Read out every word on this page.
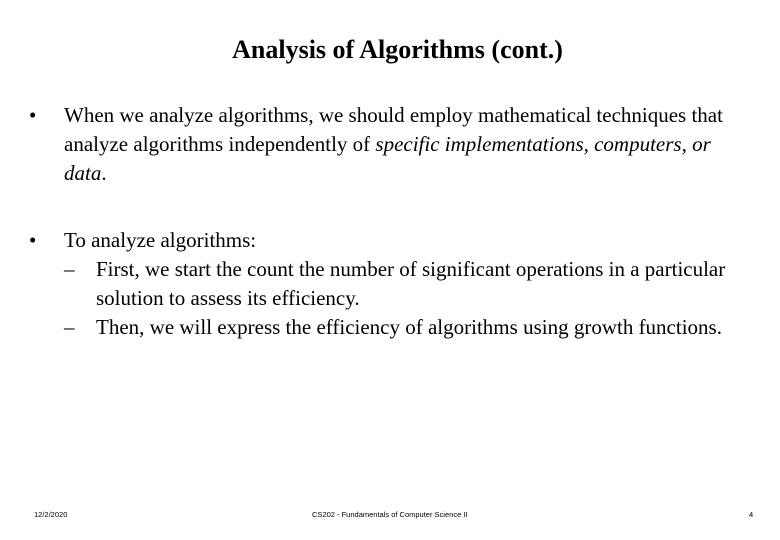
Analysis of Algorithms (cont.)
•	When we analyze algorithms, we should employ mathematical techniques that analyze algorithms independently of specific implementations, computers, or data.
•	To analyze algorithms:
–	First, we start the count the number of significant operations in a particular solution to assess its efficiency.
–	Then, we will express the efficiency of algorithms using growth functions.
12/2/2020	CS202 - Fundamentals of Computer Science II	4
